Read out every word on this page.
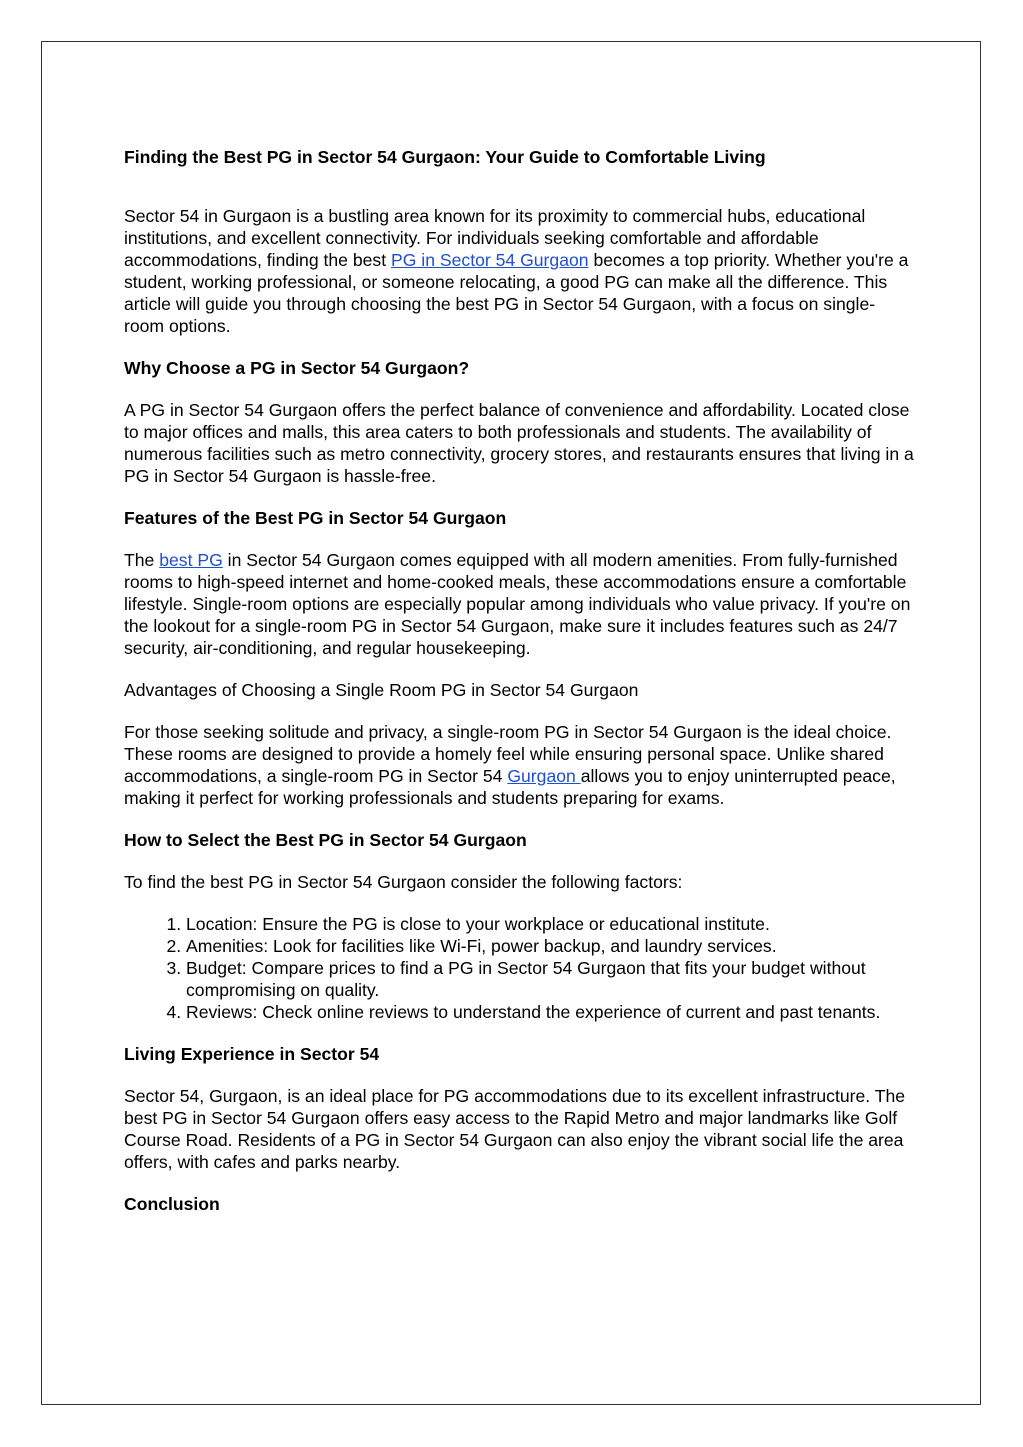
Finding the Best PG in Sector 54 Gurgaon: Your Guide to Comfortable Living

Sector 54 in Gurgaon is a bustling area known for its proximity to commercial hubs, educational institutions, and excellent connectivity. For individuals seeking comfortable and affordable accommodations, finding the best PG in Sector 54 Gurgaon becomes a top priority. Whether you're a student, working professional, or someone relocating, a good PG can make all the difference. This article will guide you through choosing the best PG in Sector 54 Gurgaon, with a focus on single-room options.

Why Choose a PG in Sector 54 Gurgaon?

A PG in Sector 54 Gurgaon offers the perfect balance of convenience and affordability. Located close to major offices and malls, this area caters to both professionals and students. The availability of numerous facilities such as metro connectivity, grocery stores, and restaurants ensures that living in a PG in Sector 54 Gurgaon is hassle-free.

Features of the Best PG in Sector 54 Gurgaon

The best PG in Sector 54 Gurgaon comes equipped with all modern amenities. From fully-furnished rooms to high-speed internet and home-cooked meals, these accommodations ensure a comfortable lifestyle. Single-room options are especially popular among individuals who value privacy. If you're on the lookout for a single-room PG in Sector 54 Gurgaon, make sure it includes features such as 24/7 security, air-conditioning, and regular housekeeping.

Advantages of Choosing a Single Room PG in Sector 54 Gurgaon

For those seeking solitude and privacy, a single-room PG in Sector 54 Gurgaon is the ideal choice. These rooms are designed to provide a homely feel while ensuring personal space. Unlike shared accommodations, a single-room PG in Sector 54 Gurgaon allows you to enjoy uninterrupted peace, making it perfect for working professionals and students preparing for exams.

How to Select the Best PG in Sector 54 Gurgaon

To find the best PG in Sector 54 Gurgaon consider the following factors:

1. Location: Ensure the PG is close to your workplace or educational institute.
2. Amenities: Look for facilities like Wi-Fi, power backup, and laundry services.
3. Budget: Compare prices to find a PG in Sector 54 Gurgaon that fits your budget without compromising on quality.
4. Reviews: Check online reviews to understand the experience of current and past tenants.

Living Experience in Sector 54

Sector 54, Gurgaon, is an ideal place for PG accommodations due to its excellent infrastructure. The best PG in Sector 54 Gurgaon offers easy access to the Rapid Metro and major landmarks like Golf Course Road. Residents of a PG in Sector 54 Gurgaon can also enjoy the vibrant social life the area offers, with cafes and parks nearby.

Conclusion
